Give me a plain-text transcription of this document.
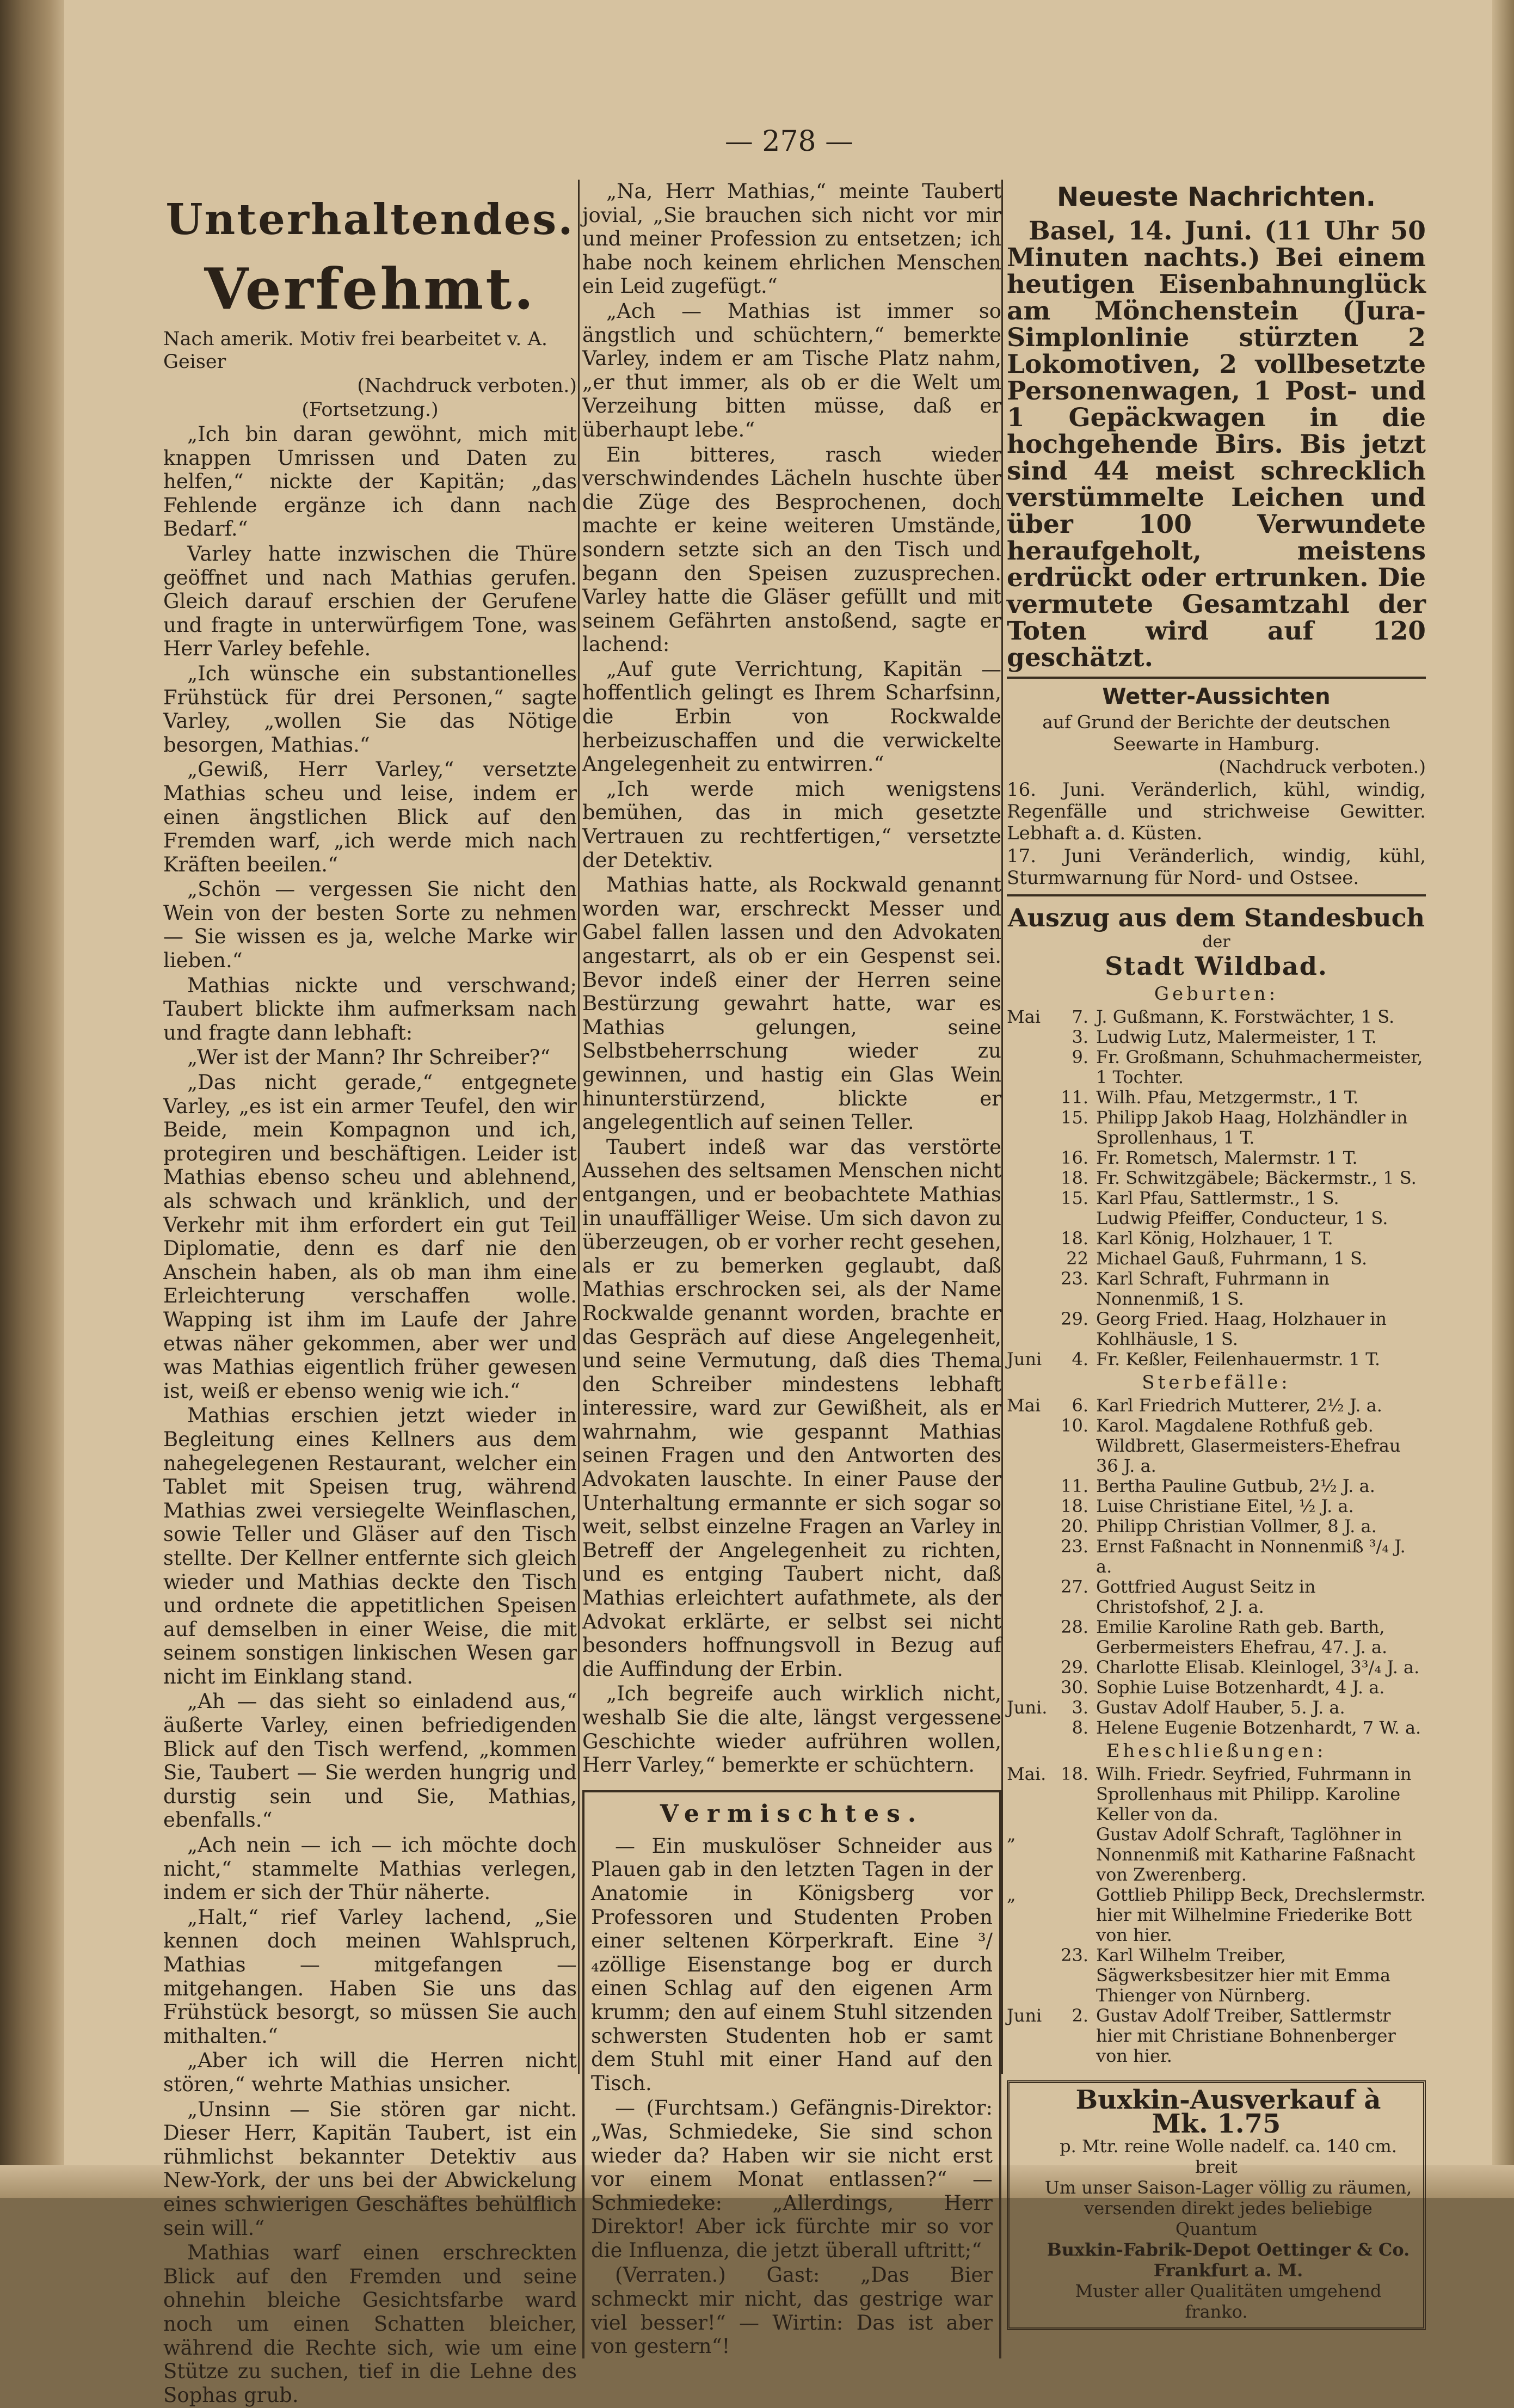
— 278 —
Unterhaltendes.
Verfehmt.

Nach amerik. Motiv frei bearbeitet v. A. Geiser

(Nachdruck verboten.)

(Fortsetzung.)

„Ich bin daran gewöhnt, mich mit knappen Umrissen und Daten zu helfen,“ nickte der Kapitän; „das Fehlende ergänze ich dann nach Bedarf.“

Varley hatte inzwischen die Thüre geöffnet und nach Mathias gerufen. Gleich darauf erschien der Gerufene und fragte in unterwürfigem Tone, was Herr Varley befehle.

„Ich wünsche ein substantionelles Frühstück für drei Personen,“ sagte Varley, „wollen Sie das Nötige besorgen, Mathias.“

„Gewiß, Herr Varley,“ versetzte Mathias scheu und leise, indem er einen ängstlichen Blick auf den Fremden warf, „ich werde mich nach Kräften beeilen.“

„Schön — vergessen Sie nicht den Wein von der besten Sorte zu nehmen — Sie wissen es ja, welche Marke wir lieben.“

Mathias nickte und verschwand; Taubert blickte ihm aufmerksam nach und fragte dann lebhaft:

„Wer ist der Mann? Ihr Schreiber?“

„Das nicht gerade,“ entgegnete Varley, „es ist ein armer Teufel, den wir Beide, mein Kompagnon und ich, protegiren und beschäftigen. Leider ist Mathias ebenso scheu und ablehnend, als schwach und kränklich, und der Verkehr mit ihm erfordert ein gut Teil Diplomatie, denn es darf nie den Anschein haben, als ob man ihm eine Erleichterung verschaffen wolle. Wapping ist ihm im Laufe der Jahre etwas näher gekommen, aber wer und was Mathias eigentlich früher gewesen ist, weiß er ebenso wenig wie ich.“

Mathias erschien jetzt wieder in Begleitung eines Kellners aus dem nahegelegenen Restaurant, welcher ein Tablet mit Speisen trug, während Mathias zwei versiegelte Weinflaschen, sowie Teller und Gläser auf den Tisch stellte. Der Kellner entfernte sich gleich wieder und Mathias deckte den Tisch und ordnete die appetitlichen Speisen auf demselben in einer Weise, die mit seinem sonstigen linkischen Wesen gar nicht im Einklang stand.

„Ah — das sieht so einladend aus,“ äußerte Varley, einen befriedigenden Blick auf den Tisch werfend, „kommen Sie, Taubert — Sie werden hungrig und durstig sein und Sie, Mathias, ebenfalls.“

„Ach nein — ich — ich möchte doch nicht,“ stammelte Mathias verlegen, indem er sich der Thür näherte.

„Halt,“ rief Varley lachend, „Sie kennen doch meinen Wahlspruch, Mathias — mitgefangen — mitgehangen. Haben Sie uns das Frühstück besorgt, so müssen Sie auch mithalten.“

„Aber ich will die Herren nicht stören,“ wehrte Mathias unsicher.

„Unsinn — Sie stören gar nicht. Dieser Herr, Kapitän Taubert, ist ein rühmlichst bekannter Detektiv aus New-York, der uns bei der Abwickelung eines schwierigen Geschäftes behülflich sein will.“

Mathias warf einen erschreckten Blick auf den Fremden und seine ohnehin bleiche Gesichtsfarbe ward noch um einen Schatten bleicher, während die Rechte sich, wie um eine Stütze zu suchen, tief in die Lehne des Sophas grub.

„Na, Herr Mathias,“ meinte Taubert jovial, „Sie brauchen sich nicht vor mir und meiner Profession zu entsetzen; ich habe noch keinem ehrlichen Menschen ein Leid zugefügt.“

„Ach — Mathias ist immer so ängstlich und schüchtern,“ bemerkte Varley, indem er am Tische Platz nahm, „er thut immer, als ob er die Welt um Verzeihung bitten müsse, daß er überhaupt lebe.“

Ein bitteres, rasch wieder verschwindendes Lächeln huschte über die Züge des Besprochenen, doch machte er keine weiteren Umstände, sondern setzte sich an den Tisch und begann den Speisen zuzusprechen. Varley hatte die Gläser gefüllt und mit seinem Gefährten anstoßend, sagte er lachend:

„Auf gute Verrichtung, Kapitän — hoffentlich gelingt es Ihrem Scharfsinn, die Erbin von Rockwalde herbeizuschaffen und die verwickelte Angelegenheit zu entwirren.“

„Ich werde mich wenigstens bemühen, das in mich gesetzte Vertrauen zu rechtfertigen,“ versetzte der Detektiv.

Mathias hatte, als Rockwald genannt worden war, erschreckt Messer und Gabel fallen lassen und den Advokaten angestarrt, als ob er ein Gespenst sei. Bevor indeß einer der Herren seine Bestürzung gewahrt hatte, war es Mathias gelungen, seine Selbstbeherrschung wieder zu gewinnen, und hastig ein Glas Wein hinunterstürzend, blickte er angelegentlich auf seinen Teller.

Taubert indeß war das verstörte Aussehen des seltsamen Menschen nicht entgangen, und er beobachtete Mathias in unauffälliger Weise. Um sich davon zu überzeugen, ob er vorher recht gesehen, als er zu bemerken geglaubt, daß Mathias erschrocken sei, als der Name Rockwalde genannt worden, brachte er das Gespräch auf diese Angelegenheit, und seine Vermutung, daß dies Thema den Schreiber mindestens lebhaft interessire, ward zur Gewißheit, als er wahrnahm, wie gespannt Mathias seinen Fragen und den Antworten des Advokaten lauschte. In einer Pause der Unterhaltung ermannte er sich sogar so weit, selbst einzelne Fragen an Varley in Betreff der Angelegenheit zu richten, und es entging Taubert nicht, daß Mathias erleichtert aufathmete, als der Advokat erklärte, er selbst sei nicht besonders hoffnungsvoll in Bezug auf die Auffindung der Erbin.

„Ich begreife auch wirklich nicht, weshalb Sie die alte, längst vergessene Geschichte wieder aufrühren wollen, Herr Varley,“ bemerkte er schüchtern.

Vermischtes.

— Ein muskulöser Schneider aus Plauen gab in den letzten Tagen in der Anatomie in Königsberg vor Professoren und Studenten Proben einer seltenen Körperkraft. Eine ³/₄zöllige Eisenstange bog er durch einen Schlag auf den eigenen Arm krumm; den auf einem Stuhl sitzenden schwersten Studenten hob er samt dem Stuhl mit einer Hand auf den Tisch.

— (Furchtsam.) Gefängnis-Direktor: „Was, Schmiedeke, Sie sind schon wieder da? Haben wir sie nicht erst vor einem Monat entlassen?“ — Schmiedeke: „Allerdings, Herr Direktor! Aber ick fürchte mir so vor die Influenza, die jetzt überall uftritt;“

(Verraten.) Gast: „Das Bier schmeckt mir nicht, das gestrige war viel besser!“ — Wirtin: Das ist aber von gestern“!

Neueste Nachrichten.

Basel, 14. Juni. (11 Uhr 50 Minuten nachts.) Bei einem heutigen Eisenbahnunglück am Mönchenstein (Jura-Simplonlinie stürzten 2 Lokomotiven, 2 vollbesetzte Personenwagen, 1 Post- und 1 Gepäckwagen in die hochgehende Birs. Bis jetzt sind 44 meist schrecklich verstümmelte Leichen und über 100 Verwundete heraufgeholt, meistens erdrückt oder ertrunken. Die vermutete Gesamtzahl der Toten wird auf 120 geschätzt.

Wetter-Aussichten

auf Grund der Berichte der deutschen Seewarte in Hamburg.

(Nachdruck verboten.)

16. Juni. Veränderlich, kühl, windig, Regenfälle und strichweise Gewitter. Lebhaft a. d. Küsten.

17. Juni Veränderlich, windig, kühl, Sturmwarnung für Nord- und Ostsee.

Auszug aus dem Standesbuch
der
Stadt Wildbad.
Geburten:
Mai	7. J. Gußmann, K. Forstwächter, 1 S.
3. Ludwig Lutz, Malermeister, 1 T.
9. Fr. Großmann, Schuhmachermeister, 1 Tochter.
11. Wilh. Pfau, Metzgermstr., 1 T.
15. Philipp Jakob Haag, Holzhändler in Sprollenhaus, 1 T.
16. Fr. Rometsch, Malermstr. 1 T.
18. Fr. Schwitzgäbele; Bäckermstr., 1 S.
15. Karl Pfau, Sattlermstr., 1 S.
Ludwig Pfeiffer, Conducteur, 1 S.
18. Karl König, Holzhauer, 1 T.
22 Michael Gauß, Fuhrmann, 1 S.
23. Karl Schraft, Fuhrmann in Nonnenmiß, 1 S.
29. Georg Fried. Haag, Holzhauer in Kohlhäusle, 1 S.
Juni	4. Fr. Keßler, Feilenhauermstr. 1 T.
Sterbefälle:
Mai	6. Karl Friedrich Mutterer, 2½ J. a.
10. Karol. Magdalene Rothfuß geb. Wildbrett, Glasermeisters-Ehefrau 36 J. a.
11. Bertha Pauline Gutbub, 2½ J. a.
18. Luise Christiane Eitel, ½ J. a.
20. Philipp Christian Vollmer, 8 J. a.
23. Ernst Faßnacht in Nonnenmiß ³/₄ J. a.
27. Gottfried August Seitz in Christofshof, 2 J. a.
28. Emilie Karoline Rath geb. Barth, Gerbermeisters Ehefrau, 47. J. a.
29. Charlotte Elisab. Kleinlogel, 3³/₄ J. a.
30. Sophie Luise Botzenhardt, 4 J. a.
Juni.	3. Gustav Adolf Hauber, 5. J. a.
8. Helene Eugenie Botzenhardt, 7 W. a.
Eheschließungen:
Mai. 18. Wilh. Friedr. Seyfried, Fuhrmann in Sprollenhaus mit Philipp. Karoline Keller von da.
„	Gustav Adolf Schraft, Taglöhner in Nonnenmiß mit Katharine Faßnacht von Zwerenberg.
„	Gottlieb Philipp Beck, Drechslermstr. hier mit Wilhelmine Friederike Bott von hier.
23. Karl Wilhelm Treiber, Sägwerksbesitzer hier mit Emma Thienger von Nürnberg.
Juni	2. Gustav Adolf Treiber, Sattlermstr hier mit Christiane Bohnenberger von hier.

Buxkin-Ausverkauf à Mk. 1.75

p. Mtr. reine Wolle nadelf. ca. 140 cm. breit

Um unser Saison-Lager völlig zu räumen,

versenden direkt jedes beliebige Quantum

Buxkin-Fabrik-Depot Oettinger & Co.

Frankfurt a. M.

Muster aller Qualitäten umgehend franko.
